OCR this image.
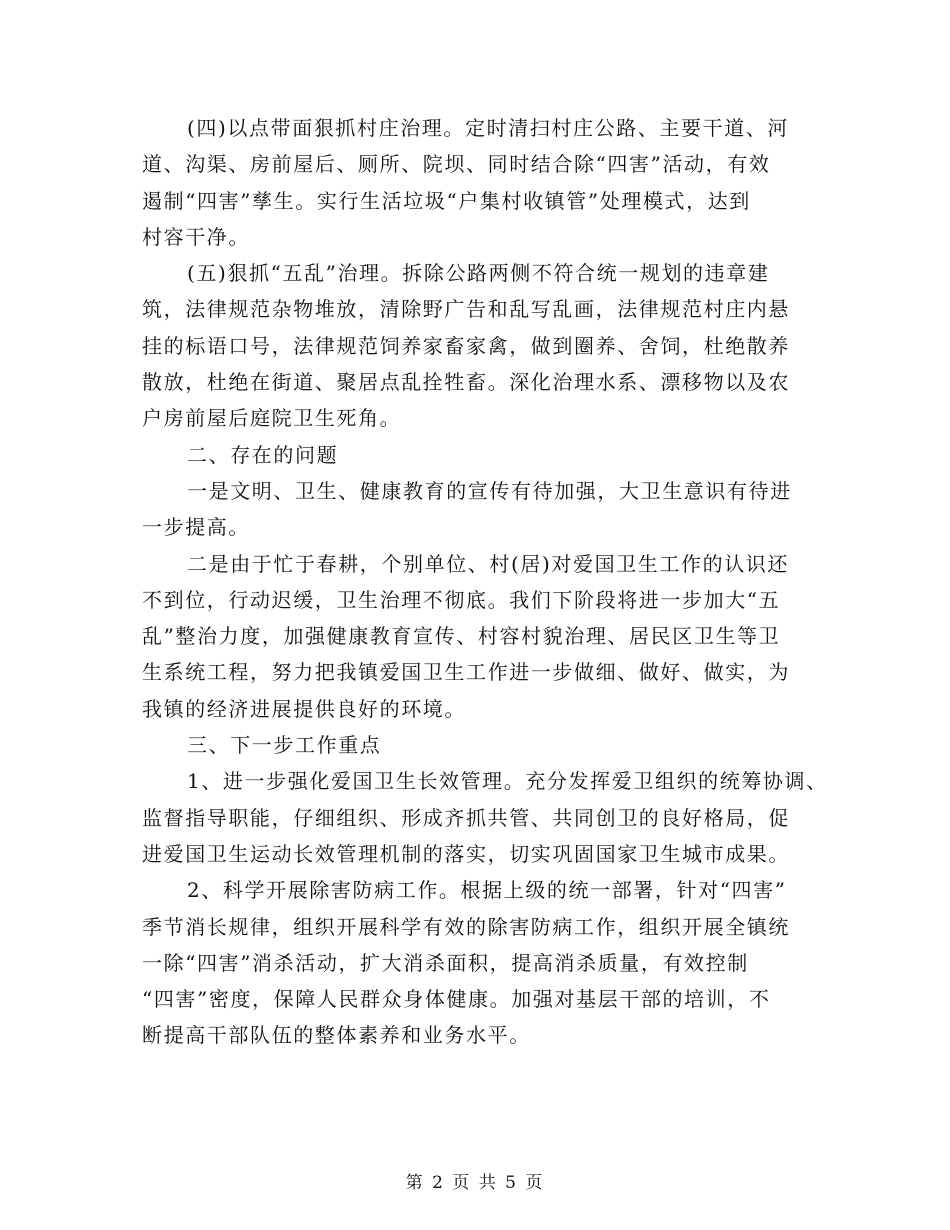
(四)以点带面狠抓村庄治理。定时清扫村庄公路、主要干道、河
道、沟渠、房前屋后、厕所、院坝、同时结合除“四害”活动，有效
遏制“四害”孳生。实行生活垃圾“户集村收镇管”处理模式，达到
村容干净。
(五)狠抓“五乱”治理。拆除公路两侧不符合统一规划的违章建
筑，法律规范杂物堆放，清除野广告和乱写乱画，法律规范村庄内悬
挂的标语口号，法律规范饲养家畜家禽，做到圈养、舍饲，杜绝散养
散放，杜绝在街道、聚居点乱拴牲畜。深化治理水系、漂移物以及农
户房前屋后庭院卫生死角。
二、存在的问题
一是文明、卫生、健康教育的宣传有待加强，大卫生意识有待进
一步提高。
二是由于忙于春耕，个别单位、村(居)对爱国卫生工作的认识还
不到位，行动迟缓，卫生治理不彻底。我们下阶段将进一步加大“五
乱”整治力度，加强健康教育宣传、村容村貌治理、居民区卫生等卫
生系统工程，努力把我镇爱国卫生工作进一步做细、做好、做实，为
我镇的经济进展提供良好的环境。
三、下一步工作重点
1、进一步强化爱国卫生长效管理。充分发挥爱卫组织的统筹协调、
监督指导职能，仔细组织、形成齐抓共管、共同创卫的良好格局，促
进爱国卫生运动长效管理机制的落实，切实巩固国家卫生城市成果。
2、科学开展除害防病工作。根据上级的统一部署，针对“四害”
季节消长规律，组织开展科学有效的除害防病工作，组织开展全镇统
一除“四害”消杀活动，扩大消杀面积，提高消杀质量，有效控制
“四害”密度，保障人民群众身体健康。加强对基层干部的培训，不
断提高干部队伍的整体素养和业务水平。
第 2 页 共 5 页
